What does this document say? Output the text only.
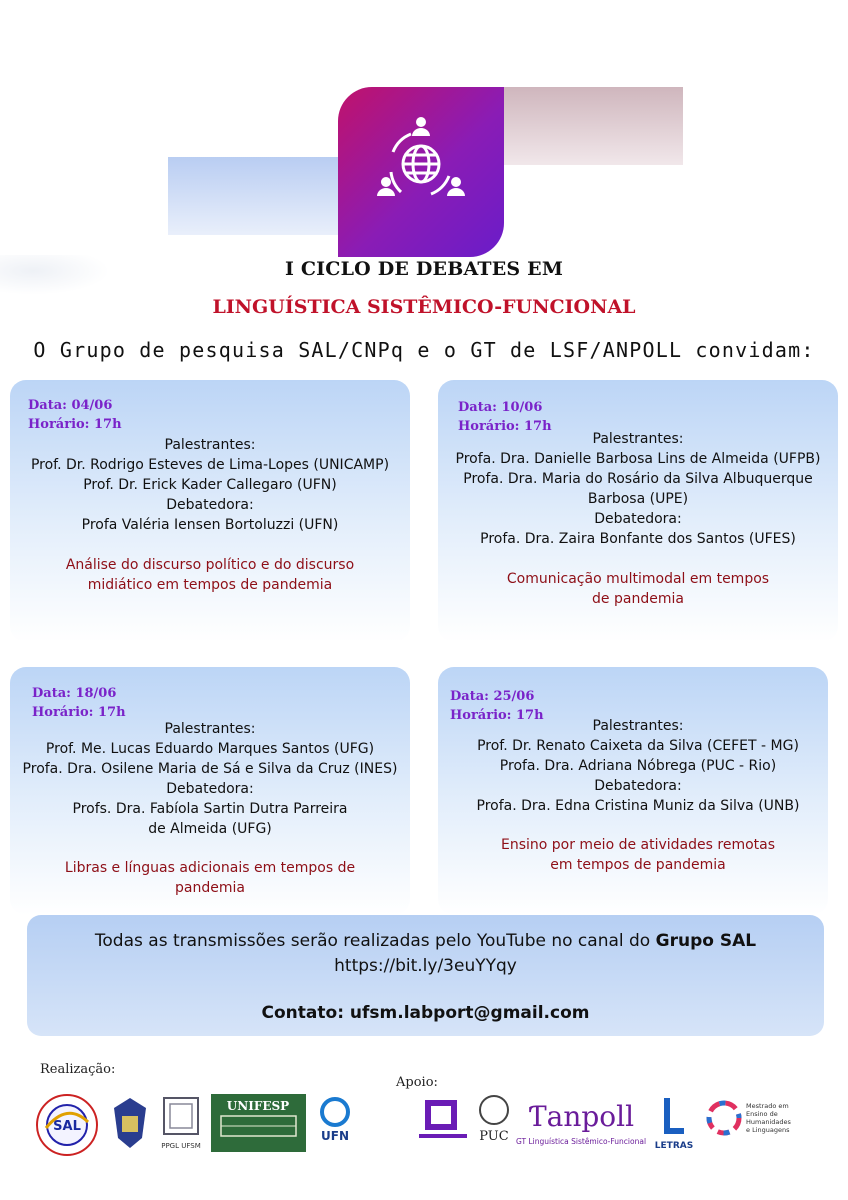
I CICLO DE DEBATES EM
LINGUÍSTICA SISTÊMICO-FUNCIONAL
O Grupo de pesquisa SAL/CNPq e o GT de LSF/ANPOLL convidam:
Data: 04/06
Horário: 17h
Palestrantes:
Prof. Dr. Rodrigo Esteves de Lima-Lopes (UNICAMP)
Prof. Dr. Erick Kader Callegaro (UFN)
Debatedora:
Profa Valéria Iensen Bortoluzzi (UFN)
Análise do discurso político e do discurso
midiático em tempos de pandemia
Data: 10/06
Horário: 17h
Palestrantes:
Profa. Dra. Danielle Barbosa Lins de Almeida (UFPB)
Profa. Dra. Maria do Rosário da Silva Albuquerque
Barbosa (UPE)
Debatedora:
Profa. Dra. Zaira Bonfante dos Santos (UFES)
Comunicação multimodal em tempos
de pandemia
Data: 18/06
Horário: 17h
Palestrantes:
Prof. Me. Lucas Eduardo Marques Santos (UFG)
Profa. Dra. Osilene Maria de Sá e Silva da Cruz (INES)
Debatedora:
Profs. Dra. Fabíola Sartin Dutra Parreira
de Almeida (UFG)
Libras e línguas adicionais em tempos de
pandemia
Data: 25/06
Horário: 17h
Palestrantes:
Prof. Dr. Renato Caixeta da Silva (CEFET - MG)
Profa. Dra. Adriana Nóbrega (PUC - Rio)
Debatedora:
Profa. Dra. Edna Cristina Muniz da Silva (UNB)
Ensino por meio de atividades remotas
em tempos de pandemia
Todas as transmissões serão realizadas pelo YouTube no canal do Grupo SAL
https://bit.ly/3euYYqy
Contato: ufsm.labport@gmail.com
Realização:
Apoio:
SAL
PPGL UFSM
UNIFESP
UFN	PUC
Ƭanpoll
GT Linguística Sistêmico-Funcional LETRAS
Mestrado em
Ensino de
Humanidades
e Linguagens
